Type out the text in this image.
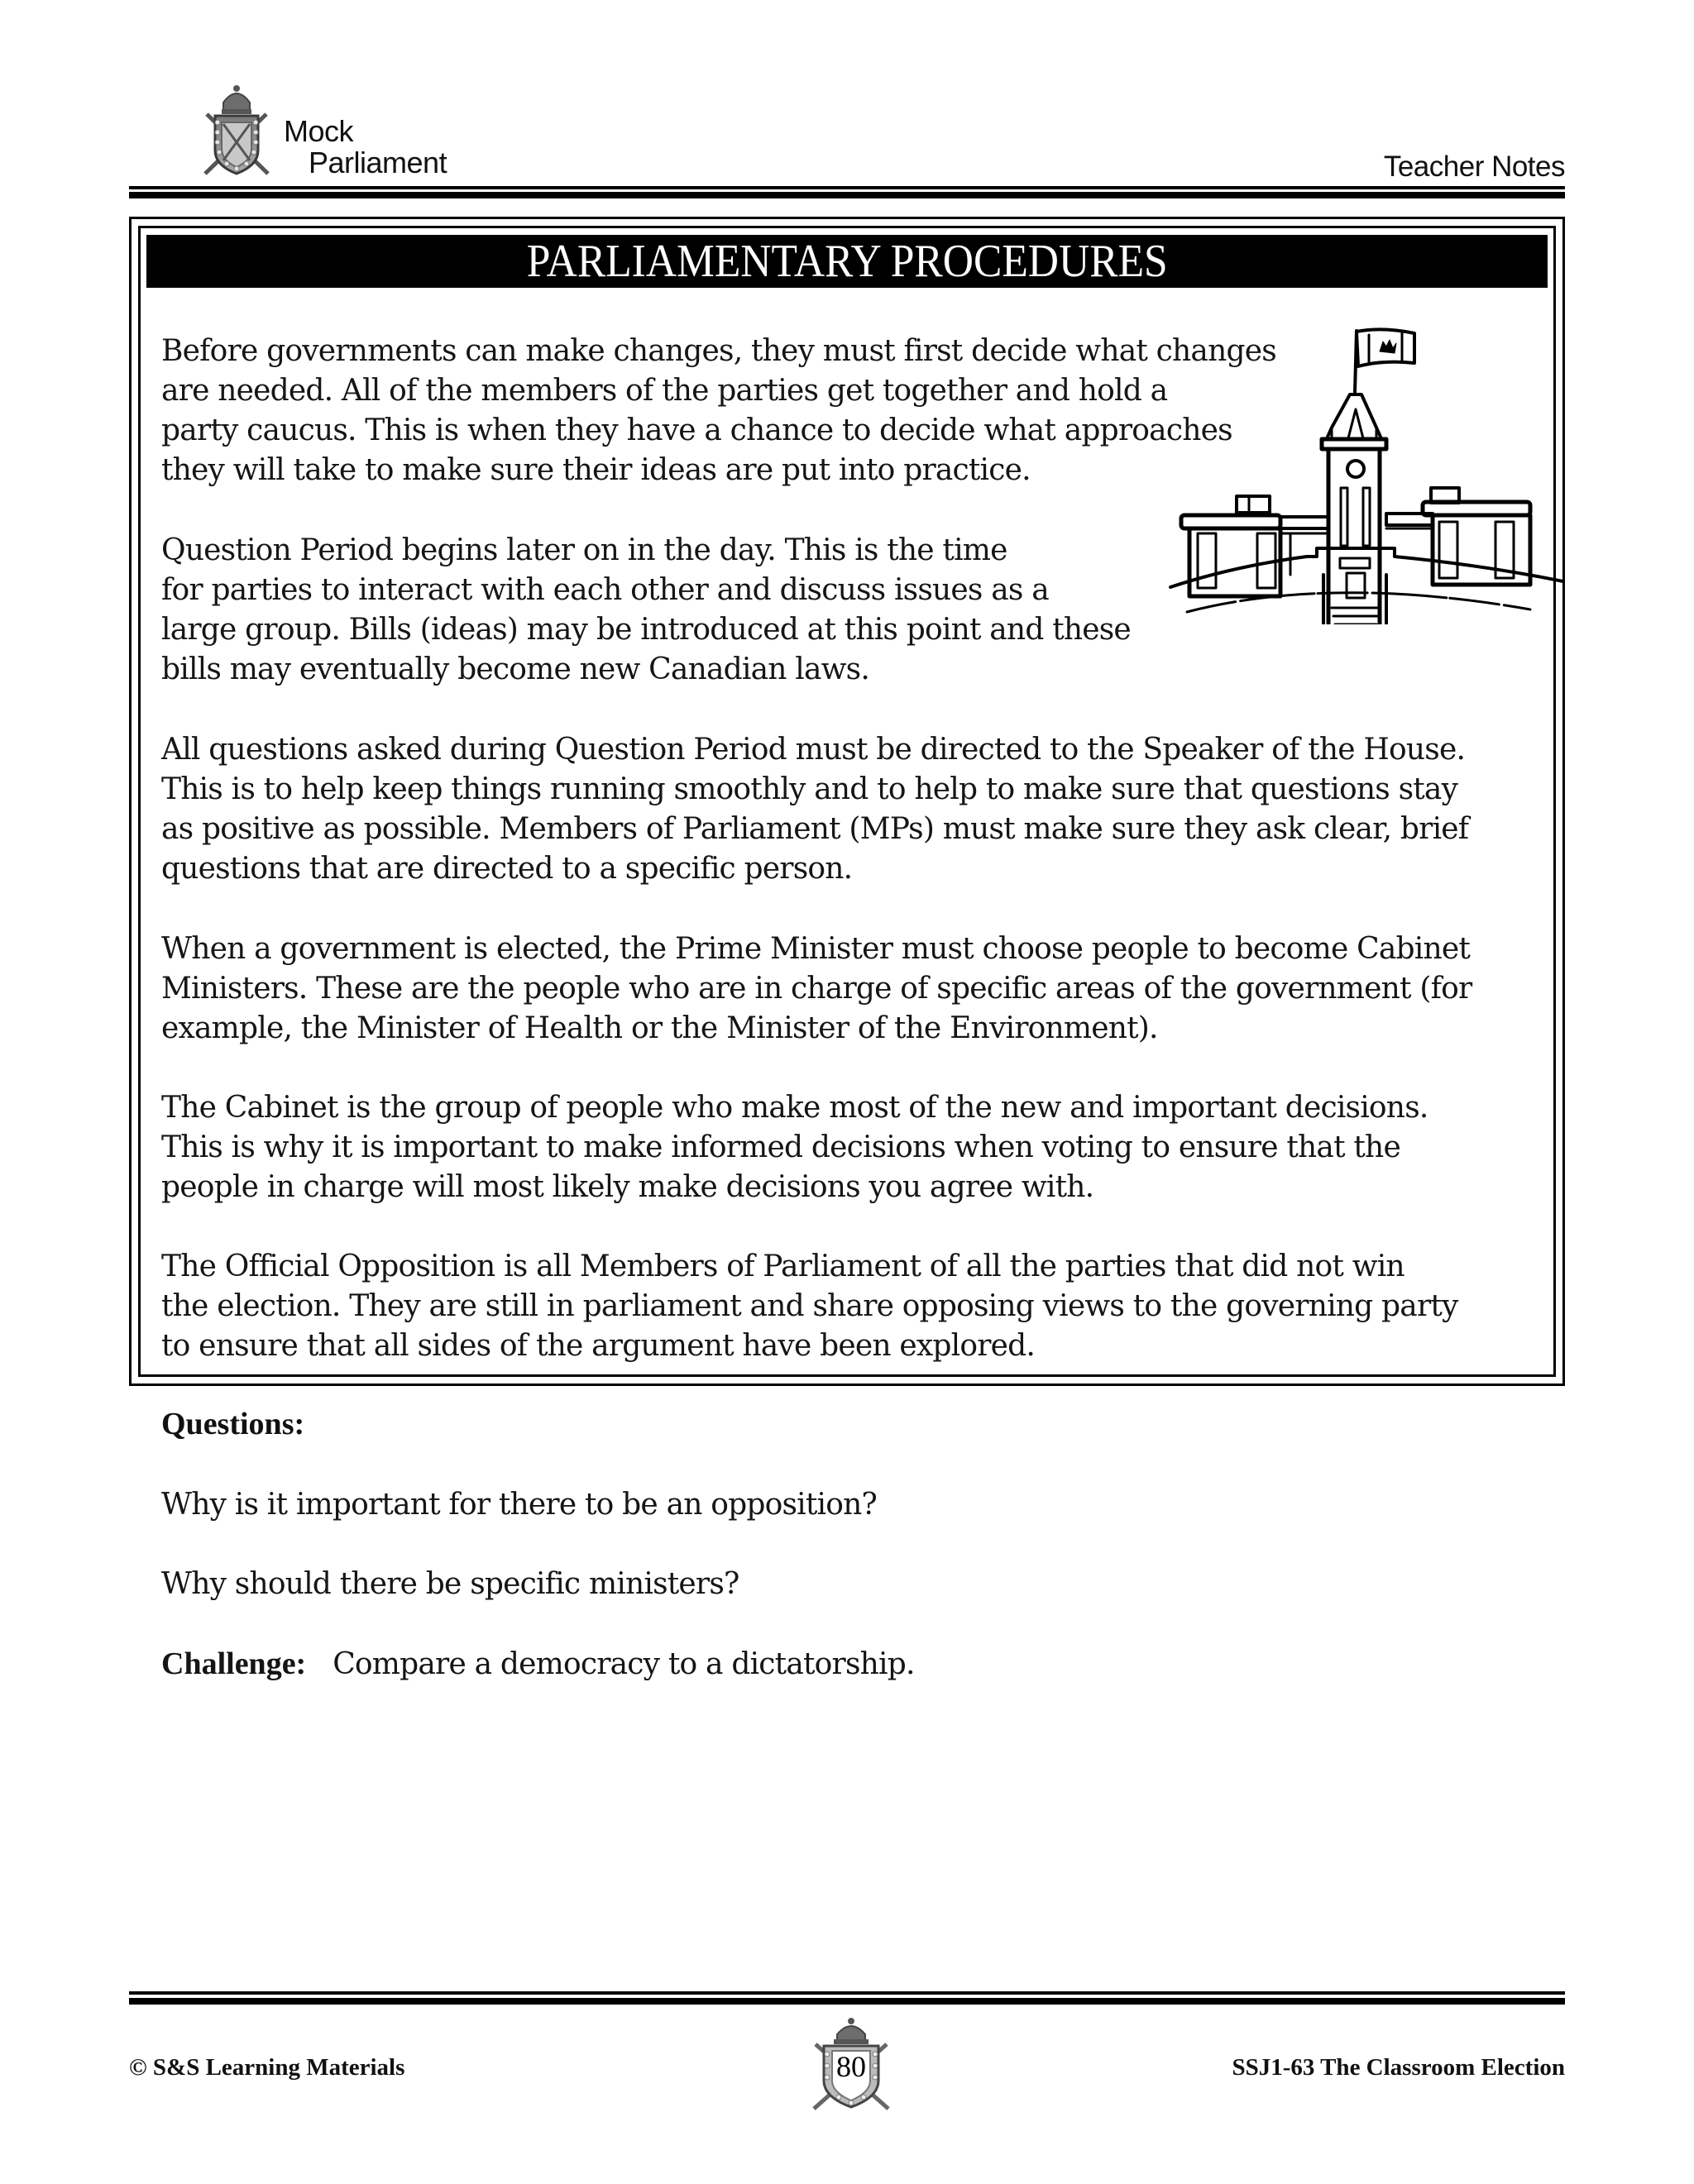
Mock
Parliament	Teacher Notes
PARLIAMENTARY PROCEDURES
Before governments can make changes, they must first decide what changes
are needed. All of the members of the parties get together and hold a
party caucus. This is when they have a chance to decide what approaches
they will take to make sure their ideas are put into practice.
Question Period begins later on in the day. This is the time
for parties to interact with each other and discuss issues as a
large group. Bills (ideas) may be introduced at this point and these
bills may eventually become new Canadian laws.
All questions asked during Question Period must be directed to the Speaker of the House.
This is to help keep things running smoothly and to help to make sure that questions stay
as positive as possible. Members of Parliament (MPs) must make sure they ask clear, brief
questions that are directed to a specific person.
When a government is elected, the Prime Minister must choose people to become Cabinet
Ministers. These are the people who are in charge of specific areas of the government (for
example, the Minister of Health or the Minister of the Environment).
The Cabinet is the group of people who make most of the new and important decisions.
This is why it is important to make informed decisions when voting to ensure that the
people in charge will most likely make decisions you agree with.
The Official Opposition is all Members of Parliament of all the parties that did not win
the election. They are still in parliament and share opposing views to the governing party
to ensure that all sides of the argument have been explored.
Questions:
Why is it important for there to be an opposition?
Why should there be specific ministers?
Challenge: Compare a democracy to a dictatorship.
© S&S Learning Materials	80	SSJ1-63 The Classroom Election
